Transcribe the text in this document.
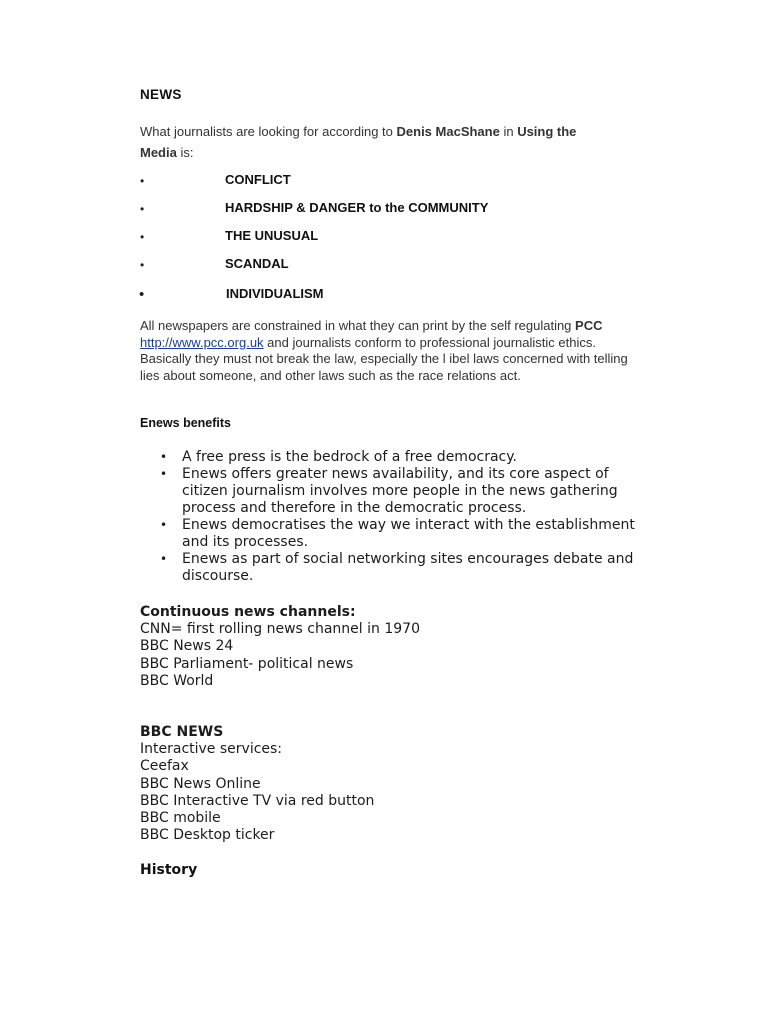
NEWS
What journalists are looking for according to Denis MacShane in Using the
Media is:
•	CONFLICT
•	HARDSHIP & DANGER to the COMMUNITY
•	THE UNUSUAL
•	SCANDAL
•	INDIVIDUALISM
All newspapers are constrained in what they can print by the self regulating PCC http://www.pcc.org.uk and journalists conform to professional journalistic ethics. Basically they must not break the law, especially the l ibel laws concerned with telling lies about someone, and other laws such as the race relations act.
Enews benefits
• A free press is the bedrock of a free democracy.
• Enews offers greater news availability, and its core aspect of citizen journalism involves more people in the news gathering process and therefore in the democratic process.
• Enews democratises the way we interact with the establishment and its processes.
• Enews as part of social networking sites encourages debate and discourse.
Continuous news channels:
CNN= first rolling news channel in 1970
BBC News 24
BBC Parliament- political news
BBC World
BBC NEWS
Interactive services:
Ceefax
BBC News Online
BBC Interactive TV via red button
BBC mobile
BBC Desktop ticker
History
